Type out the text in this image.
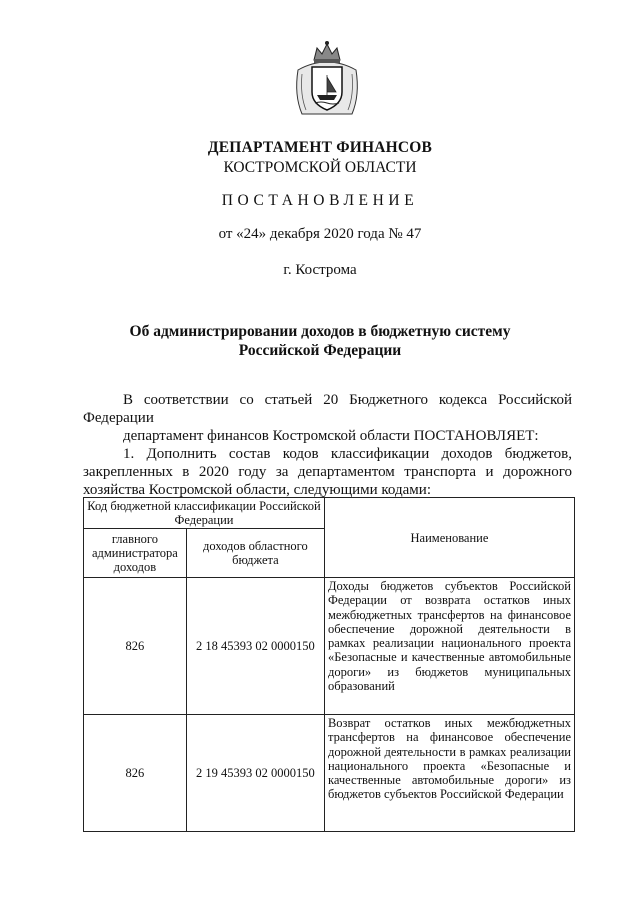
ДЕПАРТАМЕНТ ФИНАНСОВ
КОСТРОМСКОЙ ОБЛАСТИ
ПОСТАНОВЛЕНИЕ
от «24» декабря 2020 года № 47
г. Кострома
Об администрировании доходов в бюджетную систему
Российской Федерации

В соответствии со статьей 20 Бюджетного кодекса Российской Федерации

департамент финансов Костромской области ПОСТАНОВЛЯЕТ:

1. Дополнить состав кодов классификации доходов бюджетов, закрепленных в 2020 году за департаментом транспорта и дорожного хозяйства Костромской области, следующими кодами:

Код бюджетной классификации Российской Федерации		Наименование
главного администратора доходов	доходов областного бюджета	
826	2 18 45393 02 0000150	Доходы бюджетов субъектов Российской Федерации от возврата остатков иных межбюджетных трансфертов на финансовое обеспечение дорожной деятельности в рамках реализации национального проекта «Безопасные и качественные автомобильные дороги» из бюджетов муниципальных образований
826	2 19 45393 02 0000150	Возврат остатков иных межбюджетных трансфертов на финансовое обеспечение дорожной деятельности в рамках реализации национального проекта «Безопасные и качественные автомобильные дороги» из бюджетов субъектов Российской Федерации
